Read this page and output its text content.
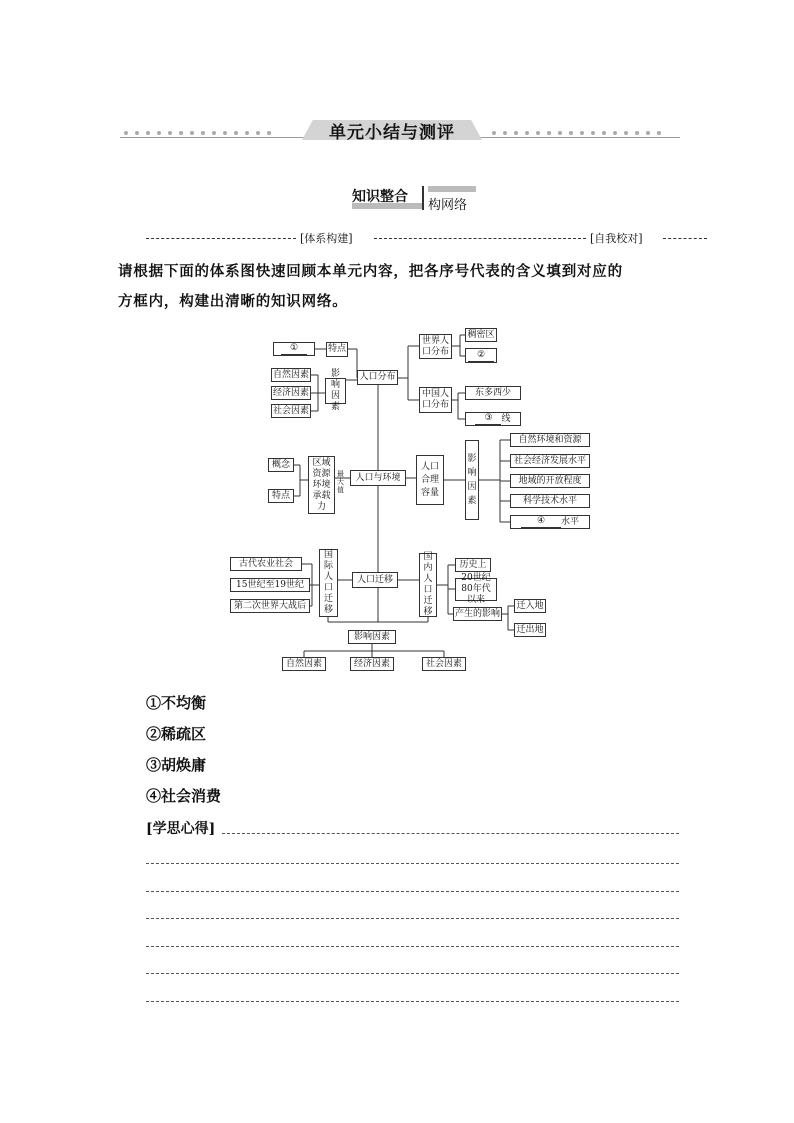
单元小结与测评
知识整合
构网络
[体系构建]	[自我校对]
请根据下面的体系图快速回顾本单元内容，把各序号代表的含义填到对应的
方框内，构建出清晰的知识网络。
①	特点
自然因素
经济因素
社会因素
影响因素
人口分布
世界人口分布
稠密区
②
中国人口分布
东多西少
③ 线
概念
特点
区域资源环境承载力
最大值
人口与环境
人口合理容量
影响因素
自然环境和资源
社会经济发展水平
地域的开放程度
科学技术水平
④	水平
古代农业社会
15世纪至19世纪
第二次世界大战后
国际人口迁移
人口迁移
国内人口迁移
历史上
20世纪80年代以来
产生的影响
迁入地
迁出地
影响因素
自然因素	经济因素	社会因素
①不均衡
②稀疏区
③胡焕庸
④社会消费
[学思心得]
